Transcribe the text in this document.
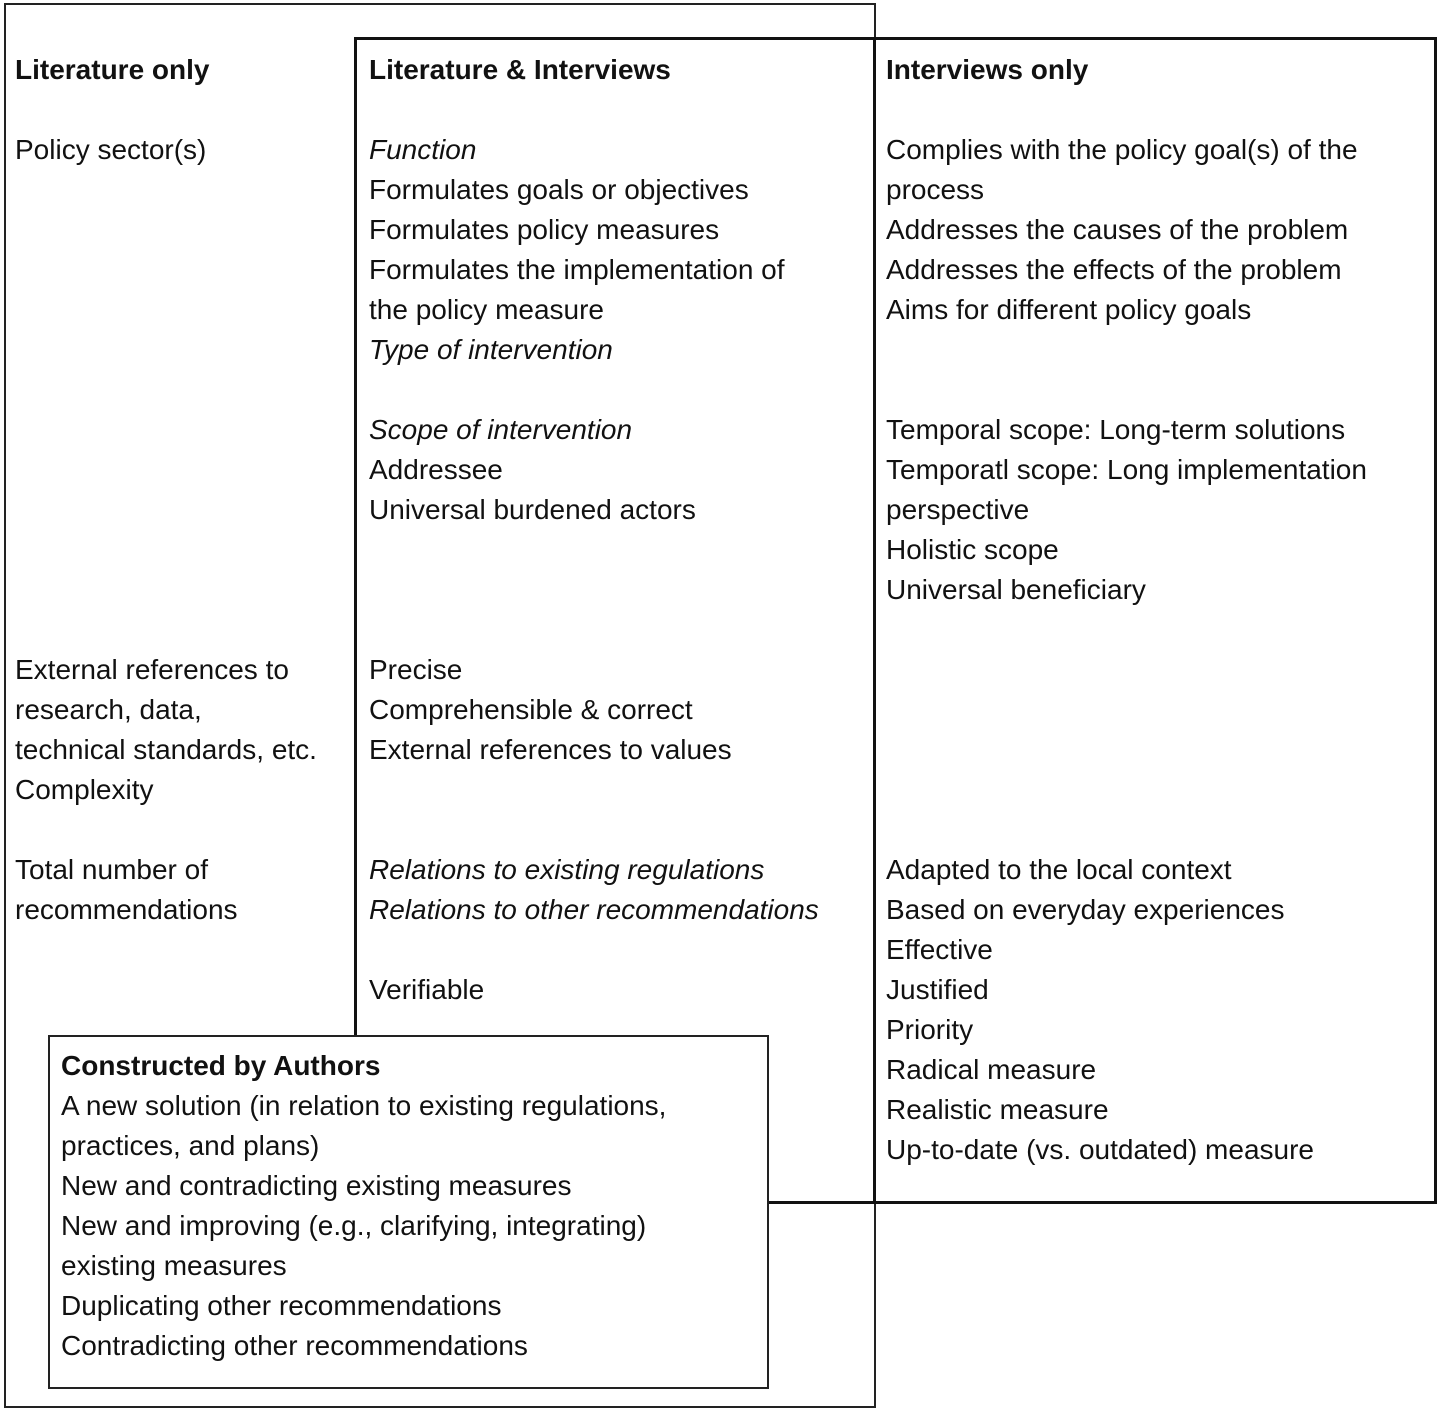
Literature only
Policy sector(s)
External references to
research, data,
technical standards, etc.
Complexity
Total number of
recommendations
Literature & Interviews
Function
Formulates goals or objectives
Formulates policy measures
Formulates the implementation of
the policy measure
Type of intervention
Scope of intervention
Addressee
Universal burdened actors
Precise
Comprehensible & correct
External references to values
Relations to existing regulations
Relations to other recommendations
Verifiable
Interviews only
Complies with the policy goal(s) of the
process
Addresses the causes of the problem
Addresses the effects of the problem
Aims for different policy goals
Temporal scope: Long-term solutions
Temporatl scope: Long implementation
perspective
Holistic scope
Universal beneficiary
Adapted to the local context
Based on everyday experiences
Effective
Justified
Priority
Radical measure
Realistic measure
Up-to-date (vs. outdated) measure
Constructed by Authors
A new solution (in relation to existing regulations,
practices, and plans)
New and contradicting existing measures
New and improving (e.g., clarifying, integrating)
existing measures
Duplicating other recommendations
Contradicting other recommendations
